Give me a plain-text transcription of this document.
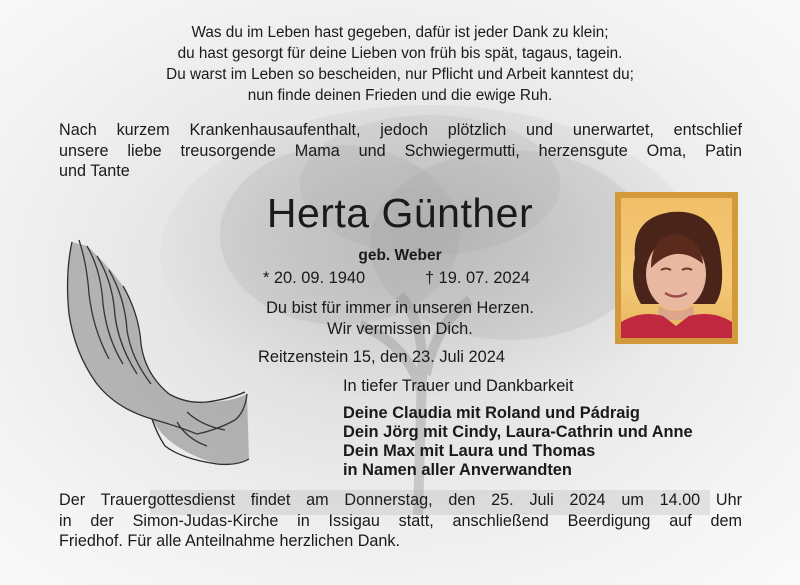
Was du im Leben hast gegeben, dafür ist jeder Dank zu klein;
du hast gesorgt für deine Lieben von früh bis spät, tagaus, tagein.
Du warst im Leben so bescheiden, nur Pflicht und Arbeit kanntest du;
nun finde deinen Frieden und die ewige Ruh.
Nach kurzem Krankenhausaufenthalt, jedoch plötzlich und unerwartet, entschlief
unsere liebe treusorgende Mama und Schwiegermutti, herzensgute Oma, Patin
und Tante
Herta Günther
geb. Weber
* 20. 09. 1940	† 19. 07. 2024
Du bist für immer in unseren Herzen.
Wir vermissen Dich.
Reitzenstein 15, den 23. Juli 2024
In tiefer Trauer und Dankbarkeit
Deine Claudia mit Roland und Pádraig
Dein Jörg mit Cindy, Laura-Cathrin und Anne
Dein Max mit Laura und Thomas
in Namen aller Anverwandten
Der Trauergottesdienst findet am Donnerstag, den 25. Juli 2024 um 14.00 Uhr
in der Simon-Judas-Kirche in Issigau statt, anschließend Beerdigung auf dem
Friedhof. Für alle Anteilnahme herzlichen Dank.
